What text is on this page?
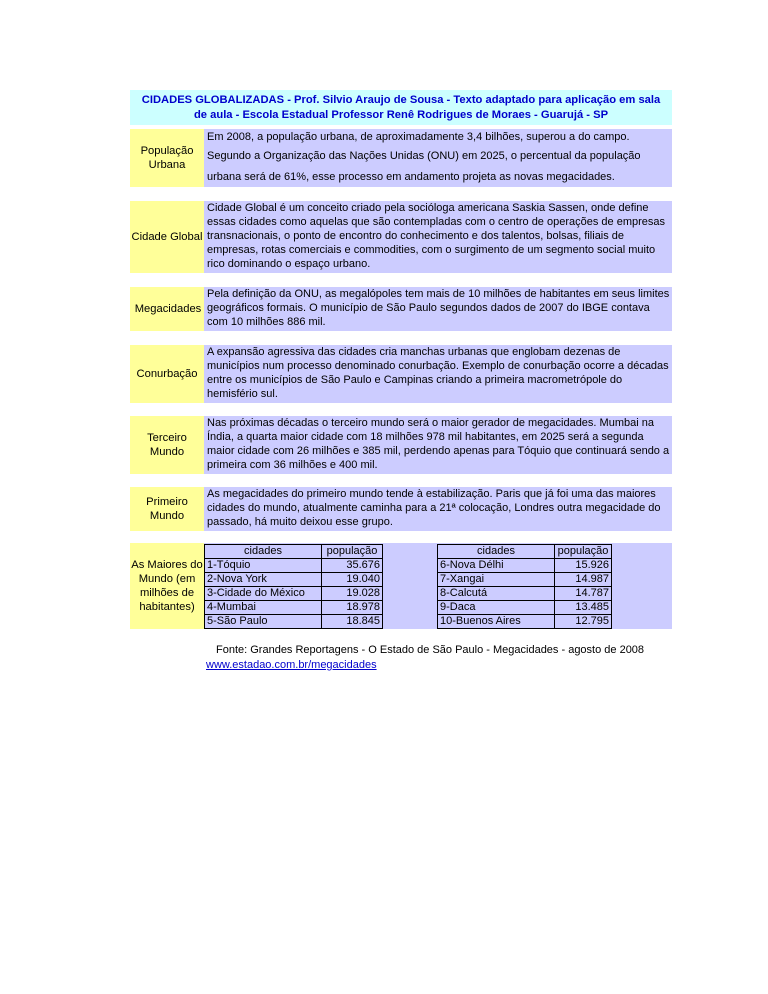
CIDADES GLOBALIZADAS - Prof. Silvio Araujo de Sousa - Texto adaptado para aplicação em sala
de aula - Escola Estadual Professor Renê Rodrigues de Moraes - Guarujá - SP
População Urbana
Em 2008, a população urbana, de aproximadamente 3,4 bilhões, superou a do campo.
Segundo a Organização das Nações Unidas (ONU) em 2025, o percentual da população
urbana será de 61%, esse processo em andamento projeta as novas megacidades.
Cidade Global
Cidade Global é um conceito criado pela socióloga americana Saskia Sassen, onde define essas cidades como aquelas que são contempladas com o centro de operações de empresas transnacionais, o ponto de encontro do conhecimento e dos talentos, bolsas, filiais de empresas, rotas comerciais e commodities, com o surgimento de um segmento social muito rico dominando o espaço urbano.
Megacidades
Pela definição da ONU, as megalópoles tem mais de 10 milhões de habitantes em seus limites geográficos formais. O município de São Paulo segundos dados de 2007 do IBGE contava com 10 milhões 886 mil.
Conurbação
A expansão agressiva das cidades cria manchas urbanas que englobam dezenas de municípios num processo denominado conurbação. Exemplo de conurbação ocorre a décadas entre os municípios de São Paulo e Campinas criando a primeira macrometrópole do hemisfério sul.
Terceiro Mundo
Nas próximas décadas o terceiro mundo será o maior gerador de megacidades. Mumbai na Índia, a quarta maior cidade com 18 milhões 978 mil habitantes, em 2025 será a segunda maior cidade com 26 milhões e 385 mil, perdendo apenas para Tóquio que continuará sendo a primeira com 36 milhões e 400 mil.
Primeiro Mundo
As megacidades do primeiro mundo tende à estabilização. Paris que já foi uma das maiores cidades do mundo, atualmente caminha para a 21ª colocação, Londres outra megacidade do passado, há muito deixou esse grupo.
As Maiores do Mundo (em milhões de habitantes)
cidades	população
1-Tóquio	35.676
2-Nova York	19.040
3-Cidade do México	19.028
4-Mumbai	18.978
5-São Paulo	18.845
cidades	população
6-Nova Délhi	15.926
7-Xangai	14.987
8-Calcutá	14.787
9-Daca	13.485
10-Buenos Aires	12.795
Fonte: Grandes Reportagens - O Estado de São Paulo - Megacidades - agosto de 2008
www.estadao.com.br/megacidades
